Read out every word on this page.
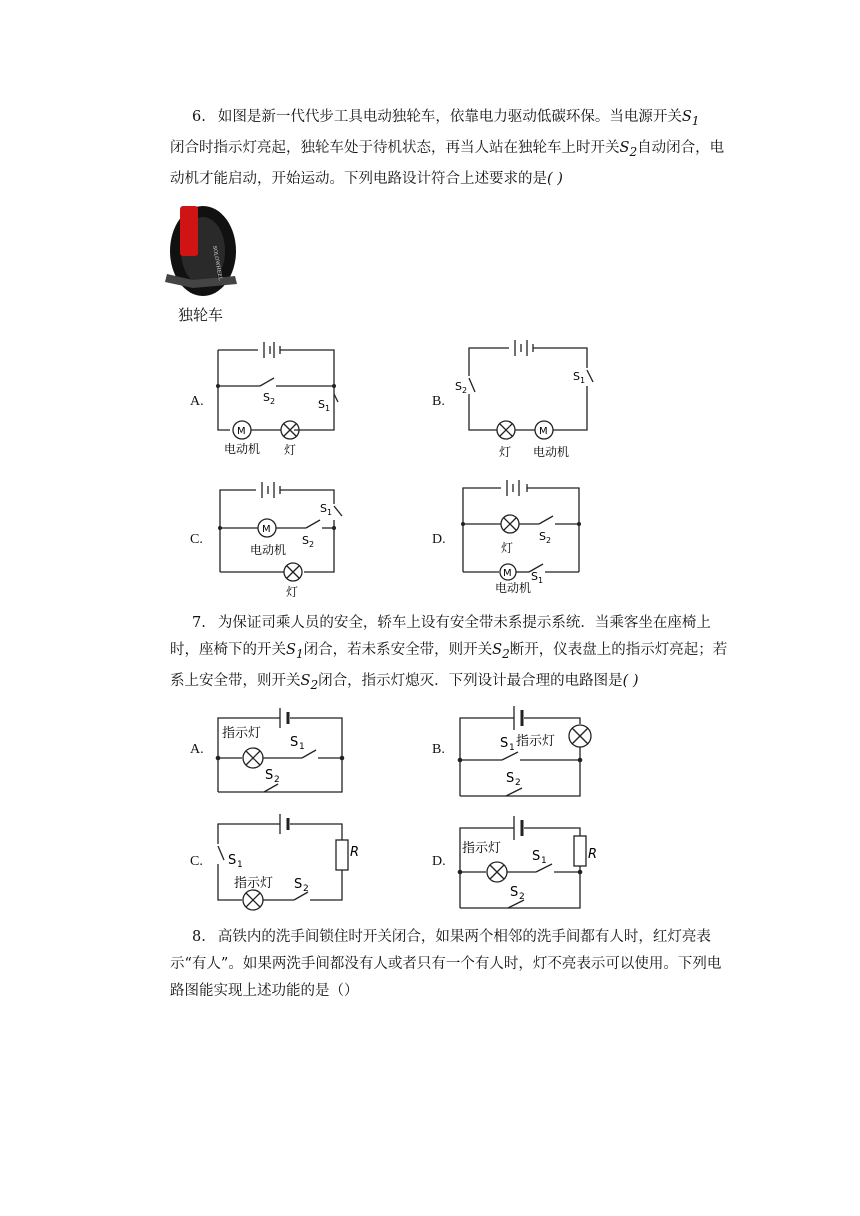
6. 如图是新一代代步工具电动独轮车，依靠电力驱动低碳环保。当电源开关$S_1$

闭合时指示灯亮起，独轮车处于待机状态，再当人站在独轮车上时开关$S_2$自动闭合，电

动机才能启动，开始运动。下列电路设计符合上述要求的是( )

SOLOWHEEL
独轮车
A.	B.
C.	D.
M
S 2	S 1
电动机 灯
M
S 2
S 1
灯 电动机
M
S 1
S 2
电动机
灯
M
S 2
S 1
灯
电动机

7. 为保证司乘人员的安全，轿车上设有安全带未系提示系统．当乘客坐在座椅上

时，座椅下的开关$S_1$闭合，若未系安全带，则开关$S_2$断开，仪表盘上的指示灯亮起；若

系上安全带，则开关$S_2$闭合，指示灯熄灭．下列设计最合理的电路图是( )

A.	B.
C.	D.
指示灯
S 1
S 2
S 1 指示灯
S 2
S 1
R
指示灯 S 2
指示灯
S 1	R
S 2

8. 高铁内的洗手间锁住时开关闭合，如果两个相邻的洗手间都有人时，红灯亮表

示“有人”。如果两洗手间都没有人或者只有一个有人时，灯不亮表示可以使用。下列电

路图能实现上述功能的是（）
